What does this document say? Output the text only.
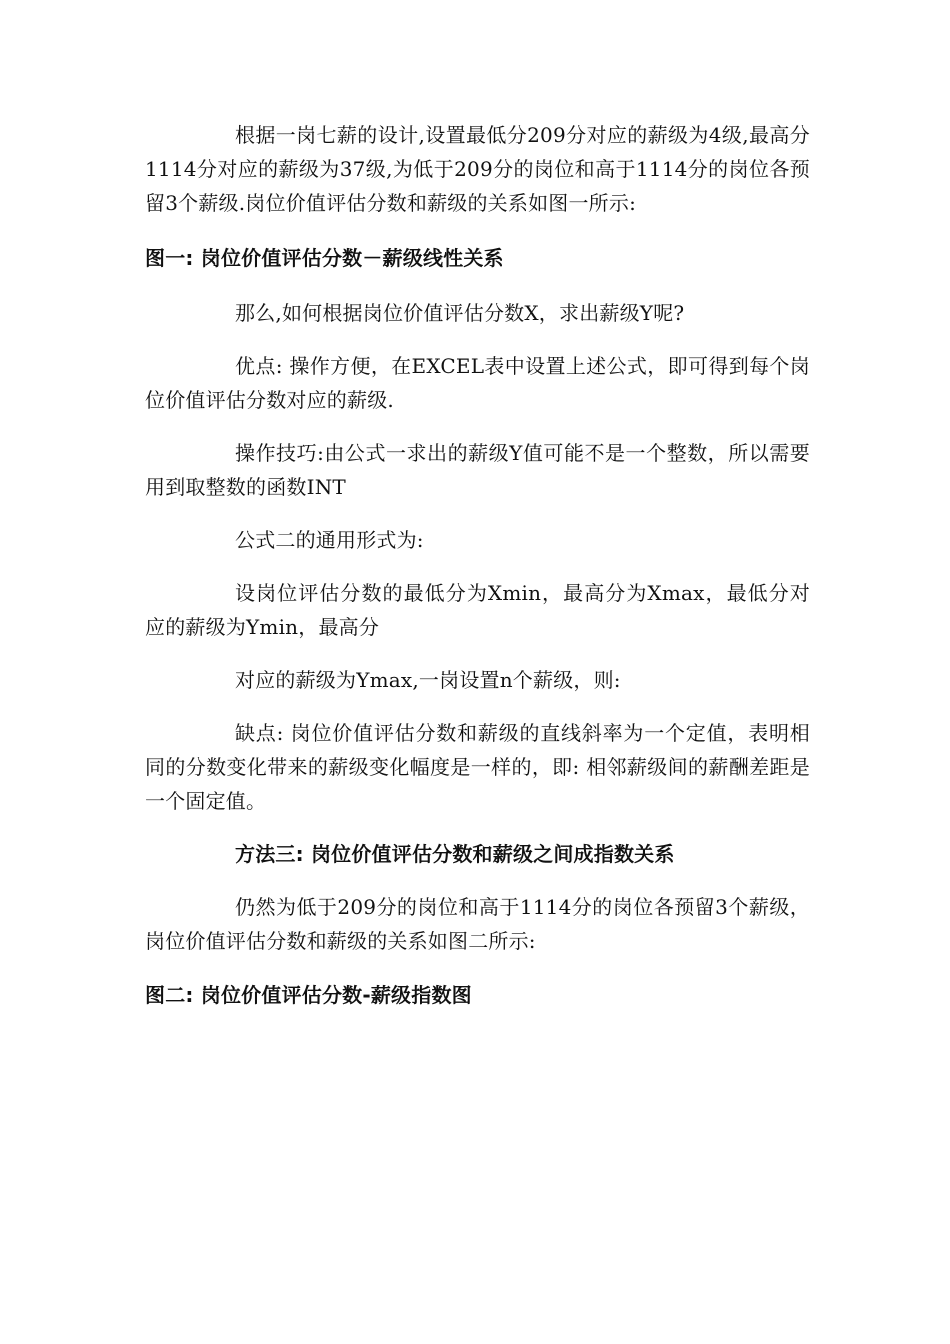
根据一岗七薪的设计,设置最低分209分对应的薪级为4级,最高分1114分对应的薪级为37级,为低于209分的岗位和高于1114分的岗位各预留3个薪级.岗位价值评估分数和薪级的关系如图一所示:

图一: 岗位价值评估分数－薪级线性关系

那么,如何根据岗位价值评估分数X，求出薪级Y呢?

优点: 操作方便，在EXCEL表中设置上述公式，即可得到每个岗位价值评估分数对应的薪级.

操作技巧:由公式一求出的薪级Y值可能不是一个整数，所以需要用到取整数的函数INT

公式二的通用形式为:

设岗位评估分数的最低分为Xmin，最高分为Xmax，最低分对应的薪级为Ymin，最高分

对应的薪级为Ymax,一岗设置n个薪级，则:

缺点: 岗位价值评估分数和薪级的直线斜率为一个定值，表明相同的分数变化带来的薪级变化幅度是一样的，即: 相邻薪级间的薪酬差距是一个固定值。

方法三: 岗位价值评估分数和薪级之间成指数关系

仍然为低于209分的岗位和高于1114分的岗位各预留3个薪级，岗位价值评估分数和薪级的关系如图二所示:

图二: 岗位价值评估分数-薪级指数图
